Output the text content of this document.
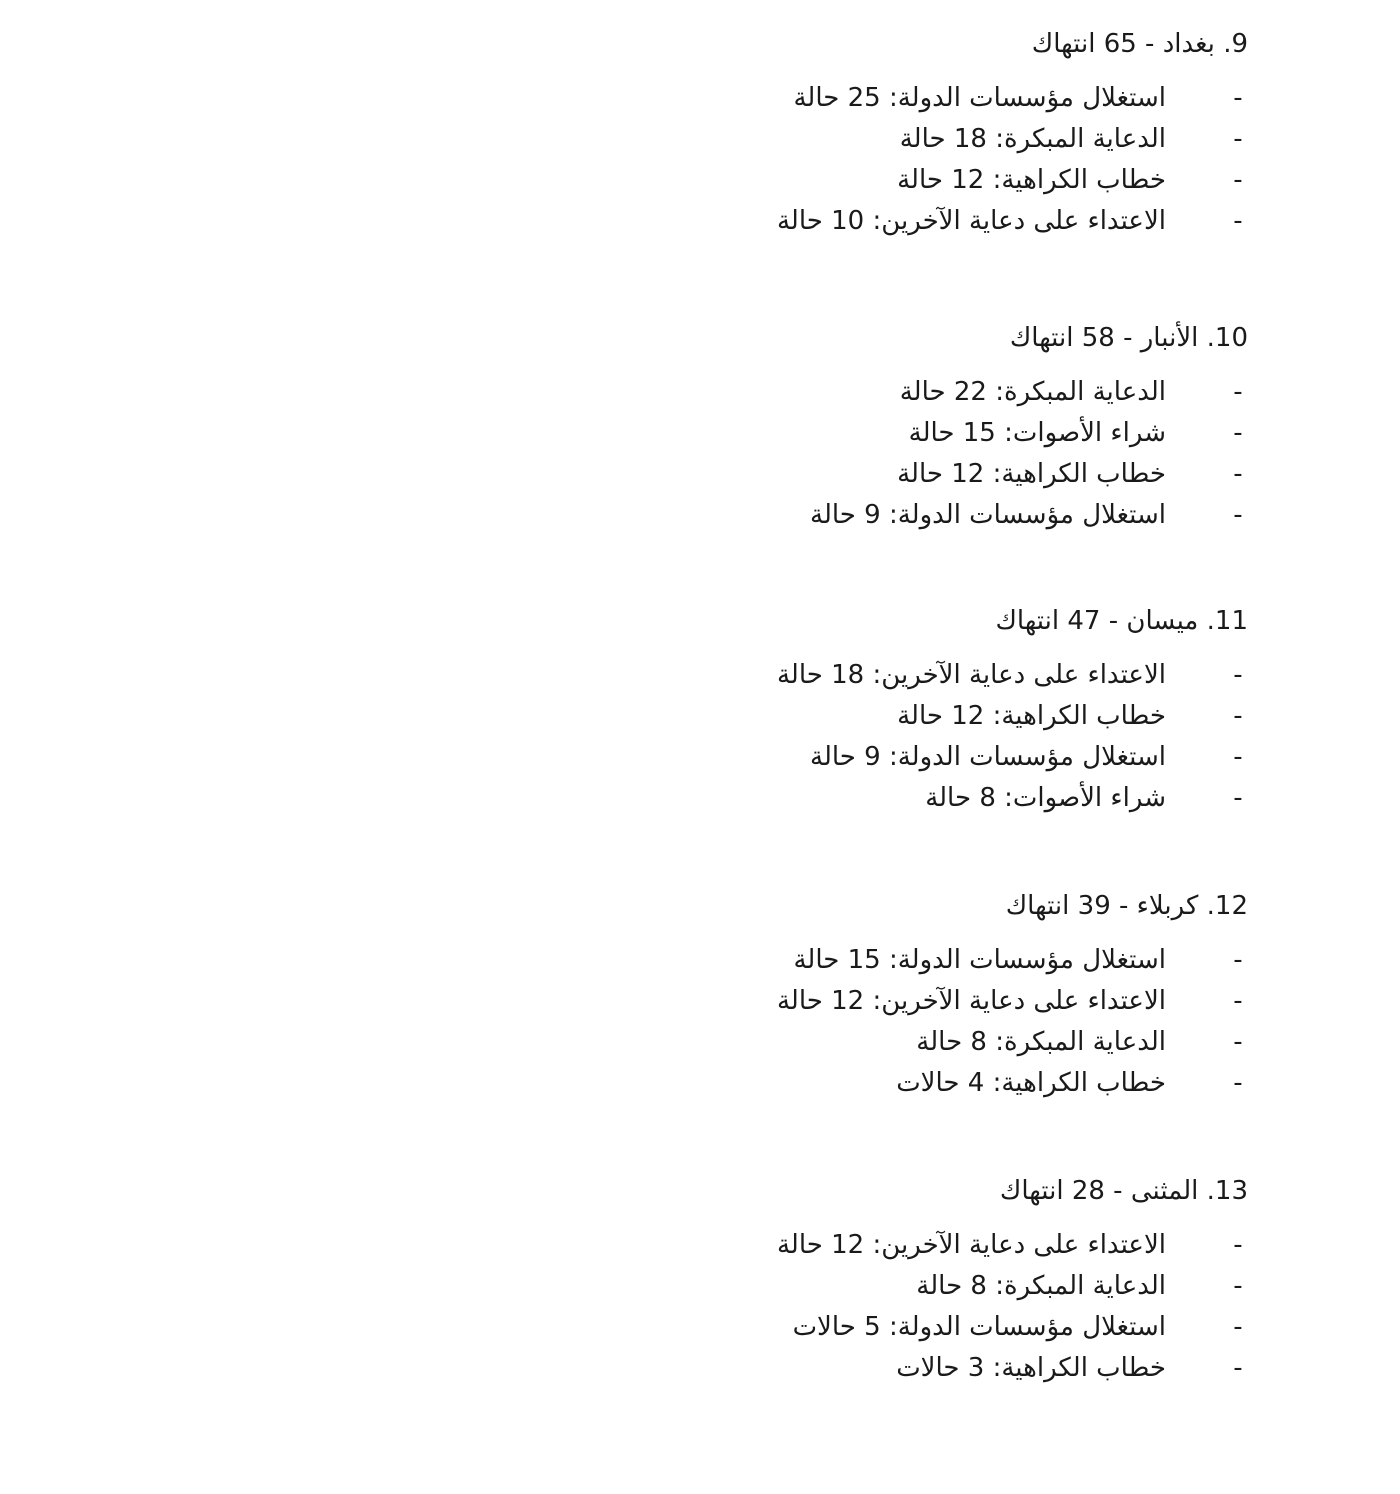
9. بغداد - 65 انتهاك
-
استغلال مؤسسات الدولة: 25 حالة
-
الدعاية المبكرة: 18 حالة
-
خطاب الكراهية: 12 حالة
-
الاعتداء على دعاية الآخرين: 10 حالة
10. الأنبار - 58 انتهاك
-
الدعاية المبكرة: 22 حالة
-
شراء الأصوات: 15 حالة
-
خطاب الكراهية: 12 حالة
-
استغلال مؤسسات الدولة: 9 حالة
11. ميسان - 47 انتهاك
-
الاعتداء على دعاية الآخرين: 18 حالة
-
خطاب الكراهية: 12 حالة
-
استغلال مؤسسات الدولة: 9 حالة
-
شراء الأصوات: 8 حالة
12. كربلاء - 39 انتهاك
-
استغلال مؤسسات الدولة: 15 حالة
-
الاعتداء على دعاية الآخرين: 12 حالة
-
الدعاية المبكرة: 8 حالة
-
خطاب الكراهية: 4 حالات
13. المثنى - 28 انتهاك
-
الاعتداء على دعاية الآخرين: 12 حالة
-
الدعاية المبكرة: 8 حالة
-
استغلال مؤسسات الدولة: 5 حالات
-
خطاب الكراهية: 3 حالات
